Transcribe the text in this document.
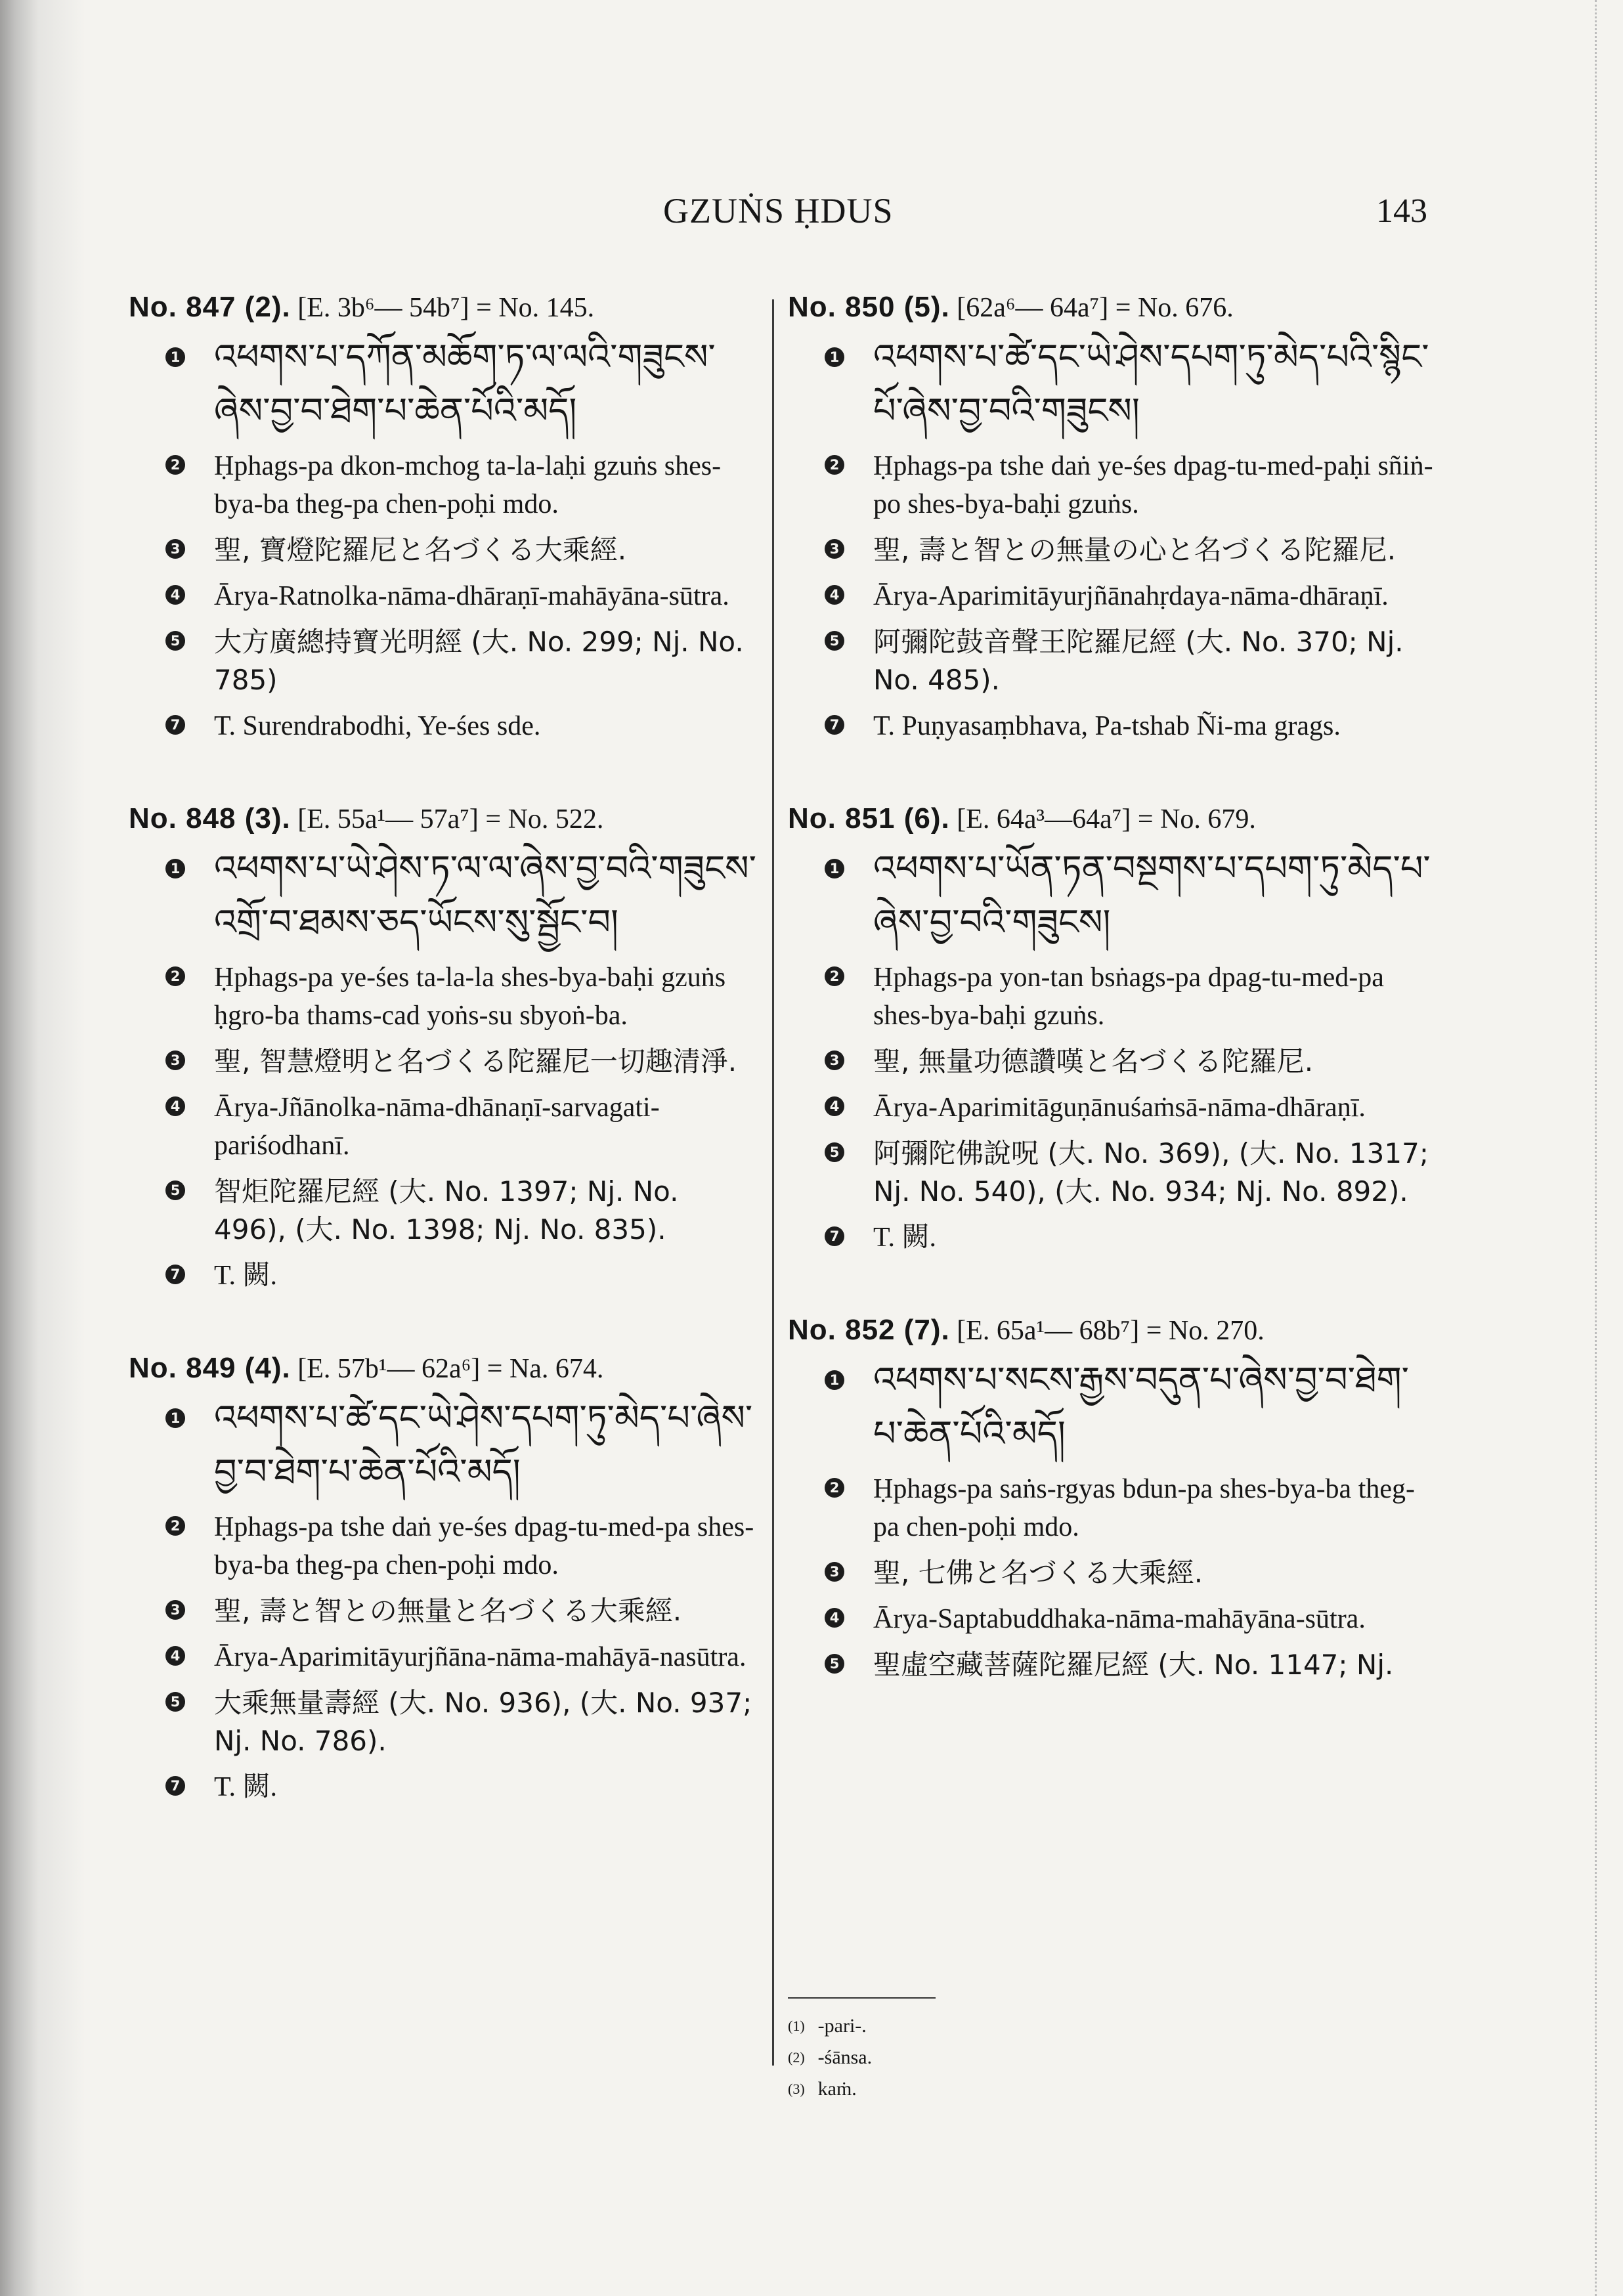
GZUṄS ḤDUS	143
No. 847 (2). [E. 3b⁶— 54b⁷] = No. 145.
1 འཕགས་པ་དཀོན་མཆོག་ཏ་ལ་ལའི་གཟུངས་ཞེས་བྱ་བ་ཐེག་པ་ཆེན་པོའི་མདོ།
2 Ḥphags-pa dkon-mchog ta-la-laḥi gzuṅs shes-bya-ba theg-pa chen-poḥi mdo.
3 聖, 寶燈陀羅尼と名づくる大乘經.
4 Ārya-Ratnolka-nāma-dhāraṇī-mahāyāna-sūtra.
5 大方廣總持寶光明經 (大. No. 299; Nj. No. 785)
7 T. Surendrabodhi, Ye-śes sde.
No. 848 (3). [E. 55a¹— 57a⁷] = No. 522.
1 འཕགས་པ་ཡེ་ཤེས་ཏ་ལ་ལ་ཞེས་བྱ་བའི་གཟུངས་འགྲོ་བ་ཐམས་ཅད་ཡོངས་སུ་སྦྱོང་བ།
2 Ḥphags-pa ye-śes ta-la-la shes-bya-baḥi gzuṅs ḥgro-ba thams-cad yoṅs-su sbyoṅ-ba.
3 聖, 智慧燈明と名づくる陀羅尼一切趣清淨.
4 Ārya-Jñānolka-nāma-dhānaṇī-sarvagati-pariśodhanī.
5 智炬陀羅尼經 (大. No. 1397; Nj. No. 496), (大. No. 1398; Nj. No. 835).
7 T. 闕.
No. 849 (4). [E. 57b¹— 62a⁶] = Na. 674.
1 འཕགས་པ་ཚེ་དང་ཡེ་ཤེས་དཔག་ཏུ་མེད་པ་ཞེས་བྱ་བ་ཐེག་པ་ཆེན་པོའི་མདོ།
2 Ḥphags-pa tshe daṅ ye-śes dpag-tu-med-pa shes-bya-ba theg-pa chen-poḥi mdo.
3 聖, 壽と智との無量と名づくる大乘經.
4 Ārya-Aparimitāyurjñāna-nāma-mahāyā-nasūtra.
5 大乘無量壽經 (大. No. 936), (大. No. 937; Nj. No. 786).
7 T. 闕.
No. 850 (5). [62a⁶— 64a⁷] = No. 676.
1 འཕགས་པ་ཚེ་དང་ཡེ་ཤེས་དཔག་ཏུ་མེད་པའི་སྙིང་པོ་ཞེས་བྱ་བའི་གཟུངས།
2 Ḥphags-pa tshe daṅ ye-śes dpag-tu-med-paḥi sñiṅ-po shes-bya-baḥi gzuṅs.
3 聖, 壽と智との無量の心と名づくる陀羅尼.
4 Ārya-Aparimitāyurjñānahṛdaya-nāma-dhāraṇī.
5 阿彌陀鼓音聲王陀羅尼經 (大. No. 370; Nj. No. 485).
7 T. Puṇyasaṃbhava, Pa-tshab Ñi-ma grags.
No. 851 (6). [E. 64a³—64a⁷] = No. 679.
1 འཕགས་པ་ཡོན་ཏན་བསྔགས་པ་དཔག་ཏུ་མེད་པ་ཞེས་བྱ་བའི་གཟུངས།
2 Ḥphags-pa yon-tan bsṅags-pa dpag-tu-med-pa shes-bya-baḥi gzuṅs.
3 聖, 無量功德讚嘆と名づくる陀羅尼.
4 Ārya-Aparimitāguṇānuśaṁsā-nāma-dhāraṇī.
5 阿彌陀佛說呪 (大. No. 369), (大. No. 1317; Nj. No. 540), (大. No. 934; Nj. No. 892).
7 T. 闕.
No. 852 (7). [E. 65a¹— 68b⁷] = No. 270.
1 འཕགས་པ་སངས་རྒྱས་བདུན་པ་ཞེས་བྱ་བ་ཐེག་པ་ཆེན་པོའི་མདོ།
2 Ḥphags-pa saṅs-rgyas bdun-pa shes-bya-ba theg-pa chen-poḥi mdo.
3 聖, 七佛と名づくる大乘經.
4 Ārya-Saptabuddhaka-nāma-mahāyāna-sūtra.
5 聖虛空藏菩薩陀羅尼經 (大. No. 1147; Nj.
$^{(1)}$ -pari-.
$^{(2)}$ -śānsa.
$^{(3)}$ kaṁ.
